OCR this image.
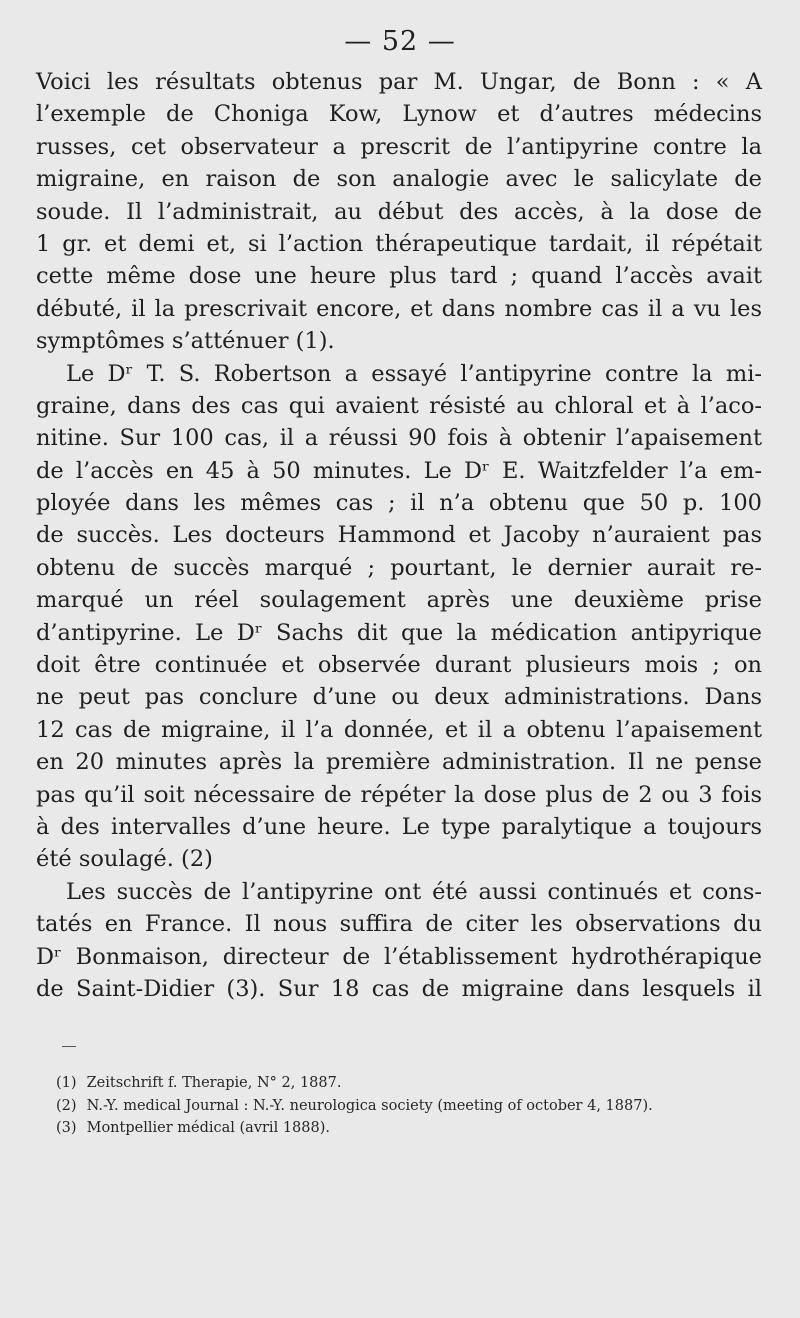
— 52 —
Voici les résultats obtenus par M. Ungar, de Bonn : « A
l’exemple de Choniga Kow, Lynow et d’autres médecins
russes, cet observateur a prescrit de l’antipyrine contre la
migraine, en raison de son analogie avec le salicylate de
soude. Il l’administrait, au début des accès, à la dose de
1 gr. et demi et, si l’action thérapeutique tardait, il répétait
cette même dose une heure plus tard ; quand l’accès avait
débuté, il la prescrivait encore, et dans nombre cas il a vu les
symptômes s’atténuer (1).
Le Dʳ T. S. Robertson a essayé l’antipyrine contre la mi-
graine, dans des cas qui avaient résisté au chloral et à l’aco-
nitine. Sur 100 cas, il a réussi 90 fois à obtenir l’apaisement
de l’accès en 45 à 50 minutes. Le Dʳ E. Waitzfelder l’a em-
ployée dans les mêmes cas ; il n’a obtenu que 50 p. 100
de succès. Les docteurs Hammond et Jacoby n’auraient pas
obtenu de succès marqué ; pourtant, le dernier aurait re-
marqué un réel soulagement après une deuxième prise
d’antipyrine. Le Dʳ Sachs dit que la médication antipyrique
doit être continuée et observée durant plusieurs mois ; on
ne peut pas conclure d’une ou deux administrations. Dans
12 cas de migraine, il l’a donnée, et il a obtenu l’apaisement
en 20 minutes après la première administration. Il ne pense
pas qu’il soit nécessaire de répéter la dose plus de 2 ou 3 fois
à des intervalles d’une heure. Le type paralytique a toujours
été soulagé. (2)
Les succès de l’antipyrine ont été aussi continués et cons-
tatés en France. Il nous suffira de citer les observations du
Dʳ Bonmaison, directeur de l’établissement hydrothérapique
de Saint-Didier (3). Sur 18 cas de migraine dans lesquels il
(1) Zeitschrift f. Therapie, N° 2, 1887.
(2) N.-Y. medical Journal : N.-Y. neurologica society (meeting of october 4, 1887).
(3) Montpellier médical (avril 1888).
